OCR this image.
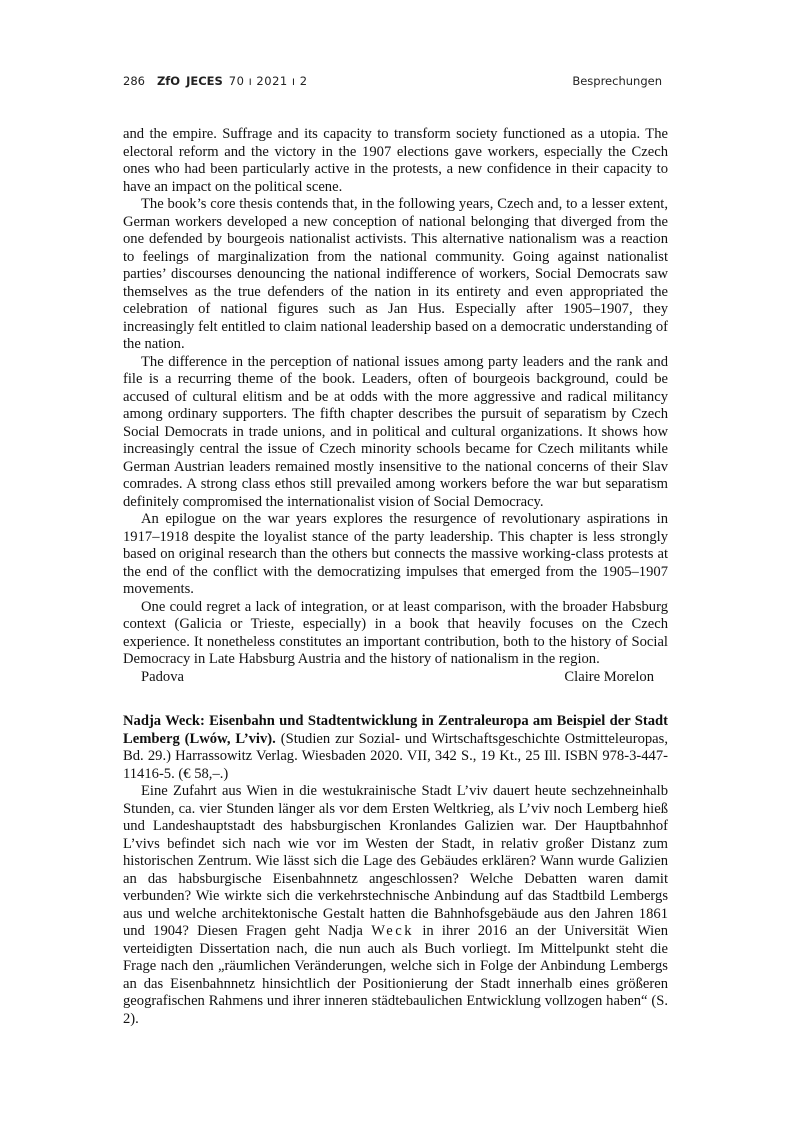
286 ZfO JECES 70 ı 2021 ı 2	Besprechungen

and the empire. Suffrage and its capacity to transform society functioned as a utopia. The electoral reform and the victory in the 1907 elections gave workers, especially the Czech ones who had been particularly active in the protests, a new confidence in their capacity to have an impact on the political scene.

The book’s core thesis contends that, in the following years, Czech and, to a lesser extent, German workers developed a new conception of national belonging that diverged from the one defended by bourgeois nationalist activists. This alternative nationalism was a reaction to feelings of marginalization from the national community. Going against nationalist parties’ discourses denouncing the national indifference of workers, Social Democrats saw themselves as the true defenders of the nation in its entirety and even appropriated the celebration of national figures such as Jan Hus. Especially after 1905–1907, they increasingly felt entitled to claim national leadership based on a democratic understanding of the nation.

The difference in the perception of national issues among party leaders and the rank and file is a recurring theme of the book. Leaders, often of bourgeois background, could be accused of cultural elitism and be at odds with the more aggressive and radical militancy among ordinary supporters. The fifth chapter describes the pursuit of separatism by Czech Social Democrats in trade unions, and in political and cultural organizations. It shows how increasingly central the issue of Czech minority schools became for Czech militants while German Austrian leaders remained mostly insensitive to the national concerns of their Slav comrades. A strong class ethos still prevailed among workers before the war but separatism definitely compromised the internationalist vision of Social Democracy.

An epilogue on the war years explores the resurgence of revolutionary aspirations in 1917–1918 despite the loyalist stance of the party leadership. This chapter is less strongly based on original research than the others but connects the massive working-class protests at the end of the conflict with the democratizing impulses that emerged from the 1905–1907 movements.

One could regret a lack of integration, or at least comparison, with the broader Habsburg context (Galicia or Trieste, especially) in a book that heavily focuses on the Czech experience. It nonetheless constitutes an important contribution, both to the history of Social Democracy in Late Habsburg Austria and the history of nationalism in the region.

Padova	Claire Morelon

Nadja Weck: Eisenbahn und Stadtentwicklung in Zentraleuropa am Beispiel der Stadt Lemberg (Lwów, L’viv). (Studien zur Sozial- und Wirtschaftsgeschichte Ostmitteleuropas, Bd. 29.) Harrassowitz Verlag. Wiesbaden 2020. VII, 342 S., 19 Kt., 25 Ill. ISBN 978-3-447-11416-5. (€ 58,–.)

Eine Zufahrt aus Wien in die westukrainische Stadt L’viv dauert heute sechzehneinhalb Stunden, ca. vier Stunden länger als vor dem Ersten Weltkrieg, als L’viv noch Lemberg hieß und Landeshauptstadt des habsburgischen Kronlandes Galizien war. Der Hauptbahnhof L’vivs befindet sich nach wie vor im Westen der Stadt, in relativ großer Distanz zum historischen Zentrum. Wie lässt sich die Lage des Gebäudes erklären? Wann wurde Galizien an das habsburgische Eisenbahnnetz angeschlossen? Welche Debatten waren damit verbunden? Wie wirkte sich die verkehrstechnische Anbindung auf das Stadtbild Lembergs aus und welche architektonische Gestalt hatten die Bahnhofsgebäude aus den Jahren 1861 und 1904? Diesen Fragen geht Nadja Weck in ihrer 2016 an der Universität Wien verteidigten Dissertation nach, die nun auch als Buch vorliegt. Im Mittelpunkt steht die Frage nach den „räumlichen Veränderungen, welche sich in Folge der Anbindung Lembergs an das Eisenbahnnetz hinsichtlich der Positionierung der Stadt innerhalb eines größeren geografischen Rahmens und ihrer inneren städtebaulichen Entwicklung vollzogen haben“ (S. 2).
